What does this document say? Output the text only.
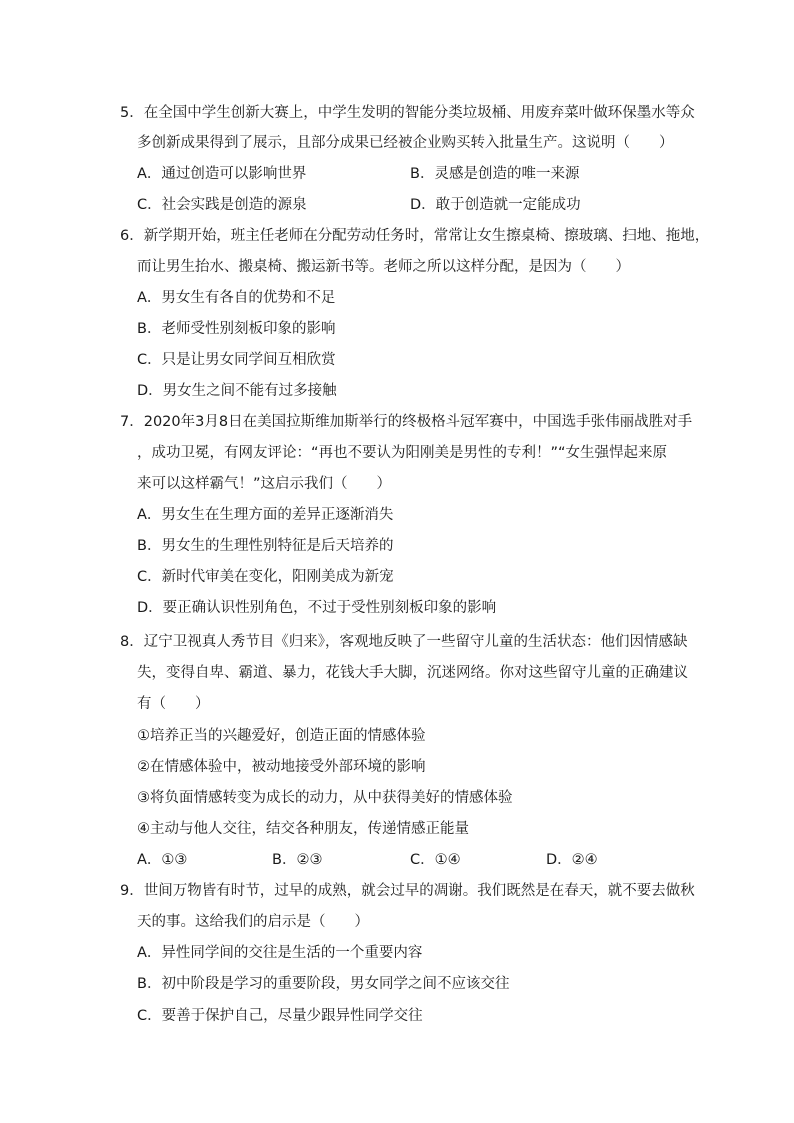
5．在全国中学生创新大赛上，中学生发明的智能分类垃圾桶、用废弃菜叶做环保墨水等众
多创新成果得到了展示，且部分成果已经被企业购买转入批量生产。这说明（　　）
A．通过创造可以影响世界	B．灵感是创造的唯一来源
C．社会实践是创造的源泉	D．敢于创造就一定能成功
6．新学期开始，班主任老师在分配劳动任务时，常常让女生擦桌椅、擦玻璃、扫地、拖地，
而让男生抬水、搬桌椅、搬运新书等。老师之所以这样分配，是因为（　　）
A．男女生有各自的优势和不足
B．老师受性别刻板印象的影响
C．只是让男女同学间互相欣赏
D．男女生之间不能有过多接触
7．2020年3月8日在美国拉斯维加斯举行的终极格斗冠军赛中，中国选手张伟丽战胜对手
，成功卫冕，有网友评论：“再也不要认为阳刚美是男性的专利！”“女生强悍起来原
来可以这样霸气！”这启示我们（　　）
A．男女生在生理方面的差异正逐渐消失
B．男女生的生理性别特征是后天培养的
C．新时代审美在变化，阳刚美成为新宠
D．要正确认识性别角色，不过于受性别刻板印象的影响
8．辽宁卫视真人秀节目《归来》，客观地反映了一些留守儿童的生活状态：他们因情感缺
失，变得自卑、霸道、暴力，花钱大手大脚，沉迷网络。你对这些留守儿童的正确建议
有（　　）
①培养正当的兴趣爱好，创造正面的情感体验
②在情感体验中，被动地接受外部环境的影响
③将负面情感转变为成长的动力，从中获得美好的情感体验
④主动与他人交往，结交各种朋友，传递情感正能量
A．①③	B．②③	C．①④	D．②④
9．世间万物皆有时节，过早的成熟，就会过早的凋谢。我们既然是在春天，就不要去做秋
天的事。这给我们的启示是（　　）
A．异性同学间的交往是生活的一个重要内容
B．初中阶段是学习的重要阶段，男女同学之间不应该交往
C．要善于保护自己，尽量少跟异性同学交往
